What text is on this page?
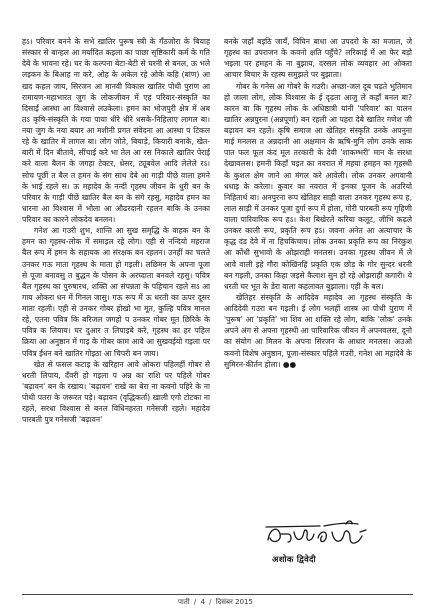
हऽ। परिवार बनने के सभे खातिर पुरूष स्त्री के गँठजोरा के बियाह संस्कार से बान्हल आ मर्यादित कइला का पाछा सृष्टिकारी कर्म के गति देबे के भावना रहे। घर के कल्पना बेटा-बेटी से घरनी से बनल, ऊ भले लइकन के बिआह ना करे, ओह के अकेल रहे ओके कहि (बांण) आ खद कहल जाय, सिरजन आ मानवी विकास खातिर पोथी पुराण आ रामायण-महाभारत जुग के लोकजीवन में एह परिवार-संस्कृति का दिसाईं आस्था आ विश्वासे लउकेला। हमन का भोजपुरी क्षेत्र में अब तऽ कृषि-संस्कृति के गया पाया धीरे धीरे धसके-निहिलाए लागल बा। नया जुग के नया बयार आ मशीनी प्रगत संवेदना आ आस्था प टिकल रहे के खातिर में लागल बा। लोग जोते, बियाड़े, कियारी बनाके, खेत-बारी में दिन बीतावे, सींचाई करे भा तेल आ रस निकाले खातिर पेराई करे वाला बैलन के जगहा टेक्टर, थ्रेसर, ट्यूबवेल आदि लेलेले रऽ। सोच पूछीं त बैल त हमन के संग साथ देबे आ गाड़ी पीछे वाला हमने के भाई रहले स। ऊ महादेव के नन्दी गृहस्थ जीवन के धुरी बन के परिवार के गाड़ी पीछें खातिर बैल बन के संगे रहसु, महादेव हमन का धारना आ विश्वास में भोला आ औढरदानी रहलन बाकि के उनका परिवार का कारने लोकदेव बनलन।

गनेश आ गउरी शुभ, शान्ति आ सुख समृद्धि के वाहक बन के हमन का गृहस्थ-लोक में समाइल रहे लोग। एही से नन्दियो महराज बैल रूप में हमन के सहायक आ संरक्षक बन रहलन। उनहीं का चलते उनकर गऊ माता गृहस्थ के माता हो गइली। लछिमन के अपना पूजा से पूजा बनावसु त बुद्धन के पोसन के अरघ्दाता बनवले रहसु। पवित्र बैल गृहस्थ का पुरुषारथ, शक्ति आ संपन्नता के पहिचान रहले सऽ आ गाय ओकरा धन में गिनल जासु। गऊ रूप में ऊ धरती का ऊपर दूसर माता रहली। एही से उनकर गोबर होखो भा मूत, कुल्हि पवित्र मानल रहे, एतना पवित्र कि बरिजल जगहो प उनकर गोबर मूत छिरिके के पवित्र क लियाय। घर दुआर त लिपाइबे करे, गृहस्थ का हर पहिल क्रिया आ अनुष्ठान में गाइ के गोबर काम आवे आ सुखवईयो गइला पर पवित्र ईंधन बने खातिर गोइठा आ चिपरी बन जाय।

खेत से फसल कटाइ के खरिहान आवे ओकरा पहिलहीं गोबर से धरती लिपाय, दँवरी हो गइला प अन्न का राशि पर पहिले गोबर 'बढ़ावन' बन के रखाय। 'बढ़ावन' राखे का बेरा ना कवनो पहिरे के ना पोथी पतरा के जरूरत पड़े। बढ़ावन (वृद्धिकर्ता) खाली एगो टोटका ना रहले, सरधा विश्वास से बनल विधिनहरता गनेसजी रहले। महादेव पारबती पुत्र गनेसजी 'बढ़ावन'

बनके जहाँ बइठि जायँ, विघिन बाधा आ उपदरो के का मजाल, जे गृहस्थ का उपराजन के कवनो क्षति पहुँचे? लरिकाई में आ फेर बड़ो भइला पर हमहन के ना बुझाय, दरसल लोक व्यवहार आ ओकरा आचार बिचार के रहस्य समुझले पर बुझाता।

गोबर के गनेस आ गोबरे के गउरी। अच्छा-जल दूब चढ़ते भुतिमान हो जाला लोग, लोक विश्वास के ई दृढ़ता आजु ले कहाँ बनल बा? कारन बा कि गृहस्थ लोक के अधिष्ठात्री यांनी 'परिवार' का पालन खातिर अन्नपुरना (अन्नपूर्णा) बन रहली आ पहरा देबे खातिर गणेश जी बढ़ावन बन रहले। कृषि समाज आ खेतिहर संस्कृति उनके अपनुना माई मनलस त अन्नदानी आ अक्षमान के ऋषि-मुनि लोग उनके साक पात फल फूल कंद मूल तरकारी के देवी 'शाकम्भरी' मान के सरधा देखावलस। हमनी किहाँ चइत का नवरात में महया हमहन का गृहस्थी के कुशल क्षेम जाने आ मंगल करे आवेली। लोक उनकर अगवानी धधाइ के करेला। कुवार का नवरात में इनका पूजन के अउरियो निहितार्थ बा। अनपुरना रूप खेतिहर साही वाला उनकर गृहस्थ रूप ह, लाल साड़ी में उनकर पूजा दुर्गा रूप में होला, गोरी पारबती रूप गृहिणी वाला पारिवारिक रूप हऽ। केश बिखेरले करिया कलूट, जीभि कढ़ले उनकर काली रूप, प्रकृति रूप हऽ। जवना अनेत आ अत्याचार के कृद्ध दंड देवे में ना हिचकिचाय। लोक उनका प्रकृति रूप का निरंकुश आ कोंधी सुभावो के ओझराही मनलस। उनका गृहस्थ जीवन में ले आवे वाली इहे गौरा कोखिनहि प्रकृति एक छोड़ के गोर सुन्दर धरनी बन गइली, उनका किहा जइसे कैलाश सुन हो रहे ओझराही कगारी। ये धरती घर भूत के डेरा वाला कहलावत बुझाला। एही के बल।

खेतिहर संस्कृति के आदिदेव महादेव आ गृहस्थ संस्कृति के आदिदेवी गउरा बन गइली। ई लोग भलहीं शास्त्र आ पोथी पुराण में 'पुरूष' आ 'प्रकृति' भा शिव आ शक्ति रहे लोग, बाकि 'लोक' उनके अपने अंग से अपना गृहस्थी आ पारिवारिक जीवन में अपनवलस, दूनो का संयोग आ मिलन के अपना सिरजन के आधार मनलस। अउओ कवनो विशेष अनुष्ठान, पूजा-संस्कार पहिले गउरी, गनेश आ महादेवे के सुमिरन-कीर्तन होला। ●●

अशोक द्विवेदी
पाती / 4 / दिसंबर 2015
